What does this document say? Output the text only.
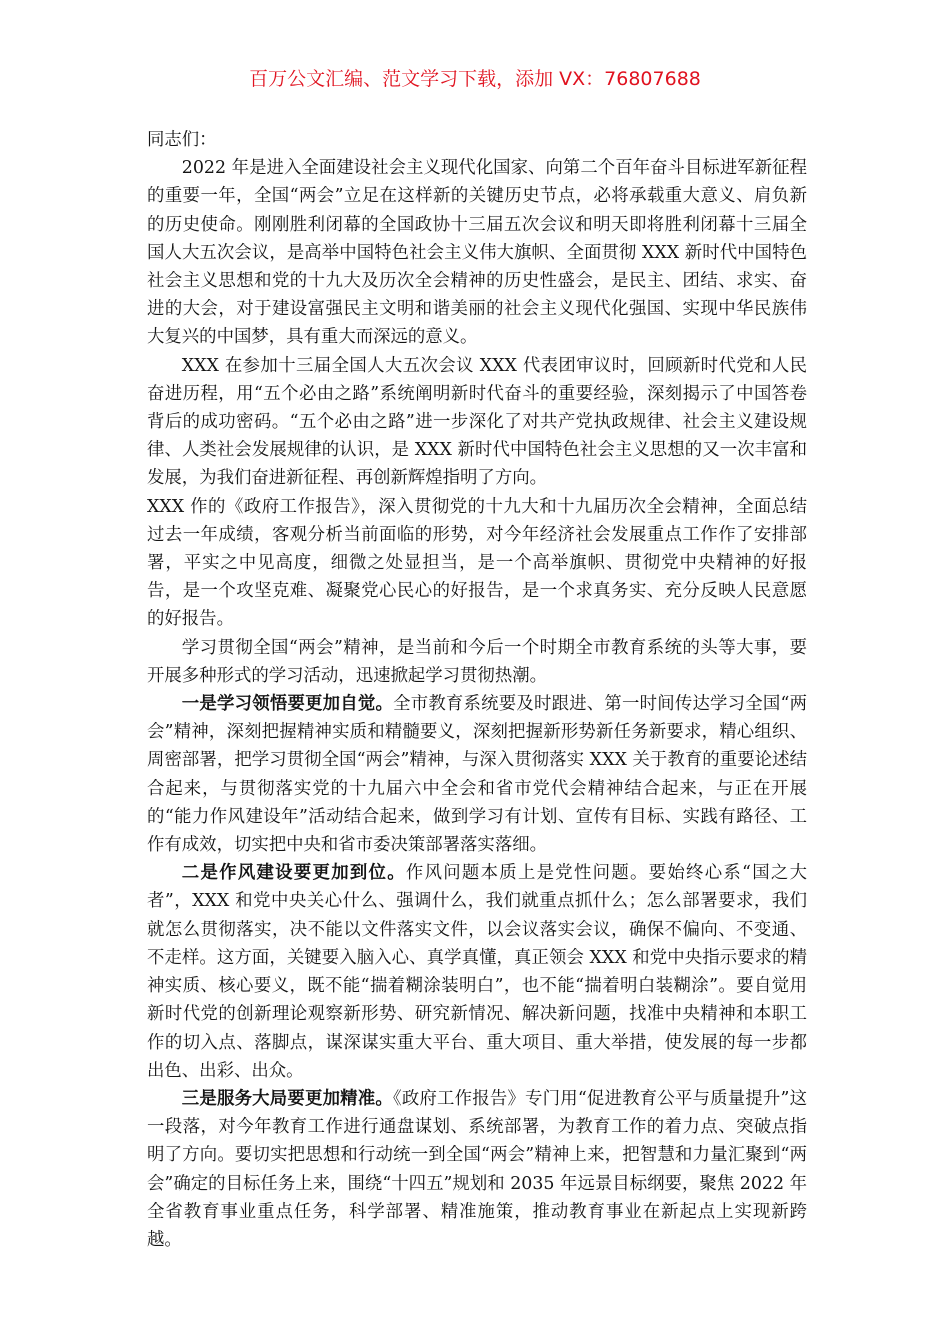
百万公文汇编、范文学习下载，添加 VX：76807688

同志们：

2022 年是进入全面建设社会主义现代化国家、向第二个百年奋斗目标进军新征程的重要一年，全国“两会”立足在这样新的关键历史节点，必将承载重大意义、肩负新的历史使命。刚刚胜利闭幕的全国政协十三届五次会议和明天即将胜利闭幕十三届全国人大五次会议，是高举中国特色社会主义伟大旗帜、全面贯彻 XXX 新时代中国特色社会主义思想和党的十九大及历次全会精神的历史性盛会，是民主、团结、求实、奋进的大会，对于建设富强民主文明和谐美丽的社会主义现代化强国、实现中华民族伟大复兴的中国梦，具有重大而深远的意义。

XXX 在参加十三届全国人大五次会议 XXX 代表团审议时，回顾新时代党和人民奋进历程，用“五个必由之路”系统阐明新时代奋斗的重要经验，深刻揭示了中国答卷背后的成功密码。“五个必由之路”进一步深化了对共产党执政规律、社会主义建设规律、人类社会发展规律的认识，是 XXX 新时代中国特色社会主义思想的又一次丰富和发展，为我们奋进新征程、再创新辉煌指明了方向。

XXX 作的《政府工作报告》，深入贯彻党的十九大和十九届历次全会精神，全面总结过去一年成绩，客观分析当前面临的形势，对今年经济社会发展重点工作作了安排部署，平实之中见高度，细微之处显担当，是一个高举旗帜、贯彻党中央精神的好报告，是一个攻坚克难、凝聚党心民心的好报告，是一个求真务实、充分反映人民意愿的好报告。

学习贯彻全国“两会”精神，是当前和今后一个时期全市教育系统的头等大事，要开展多种形式的学习活动，迅速掀起学习贯彻热潮。

一是学习领悟要更加自觉。全市教育系统要及时跟进、第一时间传达学习全国“两会”精神，深刻把握精神实质和精髓要义，深刻把握新形势新任务新要求，精心组织、周密部署，把学习贯彻全国“两会”精神，与深入贯彻落实 XXX 关于教育的重要论述结合起来，与贯彻落实党的十九届六中全会和省市党代会精神结合起来，与正在开展的“能力作风建设年”活动结合起来，做到学习有计划、宣传有目标、实践有路径、工作有成效，切实把中央和省市委决策部署落实落细。

二是作风建设要更加到位。作风问题本质上是党性问题。要始终心系“国之大者”，XXX 和党中央关心什么、强调什么，我们就重点抓什么；怎么部署要求，我们就怎么贯彻落实，决不能以文件落实文件，以会议落实会议，确保不偏向、不变通、不走样。这方面，关键要入脑入心、真学真懂，真正领会 XXX 和党中央指示要求的精神实质、核心要义，既不能“揣着糊涂装明白”，也不能“揣着明白装糊涂”。要自觉用新时代党的创新理论观察新形势、研究新情况、解决新问题，找准中央精神和本职工作的切入点、落脚点，谋深谋实重大平台、重大项目、重大举措，使发展的每一步都出色、出彩、出众。

三是服务大局要更加精准。《政府工作报告》专门用“促进教育公平与质量提升”这一段落，对今年教育工作进行通盘谋划、系统部署，为教育工作的着力点、突破点指明了方向。要切实把思想和行动统一到全国“两会”精神上来，把智慧和力量汇聚到“两会”确定的目标任务上来，围绕“十四五”规划和 2035 年远景目标纲要，聚焦 2022 年全省教育事业重点任务，科学部署、精准施策，推动教育事业在新起点上实现新跨越。
